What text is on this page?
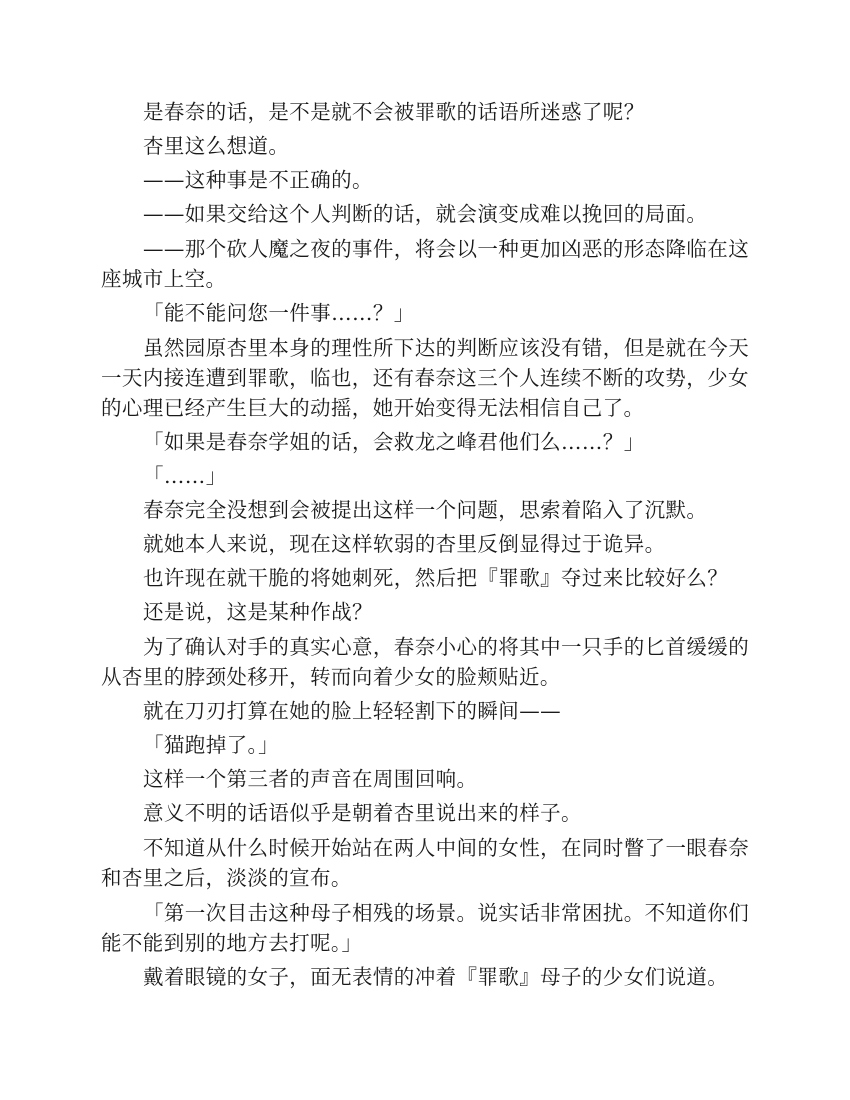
是春奈的话，是不是就不会被罪歌的话语所迷惑了呢？

杏里这么想道。

——这种事是不正确的。

——如果交给这个人判断的话，就会演变成难以挽回的局面。

——那个砍人魔之夜的事件，将会以一种更加凶恶的形态降临在这座城市上空。

「能不能问您一件事……？」

虽然园原杏里本身的理性所下达的判断应该没有错，但是就在今天一天内接连遭到罪歌，临也，还有春奈这三个人连续不断的攻势，少女的心理已经产生巨大的动摇，她开始变得无法相信自己了。

「如果是春奈学姐的话，会救龙之峰君他们么……？」

「……」

春奈完全没想到会被提出这样一个问题，思索着陷入了沉默。

就她本人来说，现在这样软弱的杏里反倒显得过于诡异。

也许现在就干脆的将她刺死，然后把『罪歌』夺过来比较好么？

还是说，这是某种作战？

为了确认对手的真实心意，春奈小心的将其中一只手的匕首缓缓的从杏里的脖颈处移开，转而向着少女的脸颊贴近。

就在刀刃打算在她的脸上轻轻割下的瞬间——

「猫跑掉了。」

这样一个第三者的声音在周围回响。

意义不明的话语似乎是朝着杏里说出来的样子。

不知道从什么时候开始站在两人中间的女性，在同时瞥了一眼春奈和杏里之后，淡淡的宣布。

「第一次目击这种母子相残的场景。说实话非常困扰。不知道你们能不能到别的地方去打呢。」

戴着眼镜的女子，面无表情的冲着『罪歌』母子的少女们说道。
